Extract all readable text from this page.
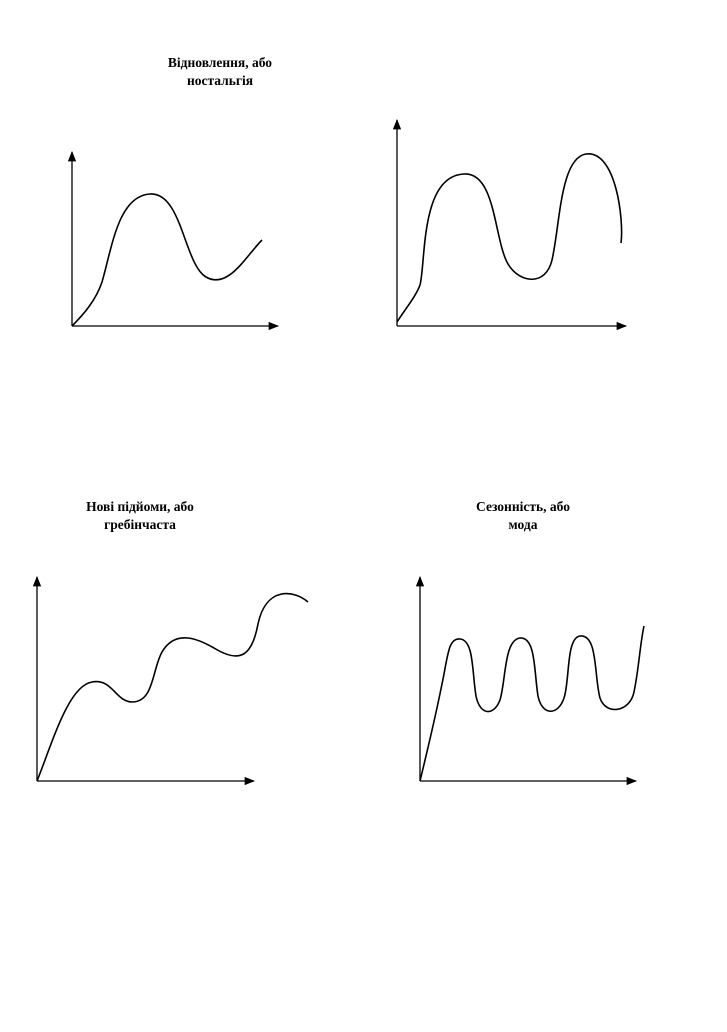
Відновлення, або
ностальгія
Нові підйоми, або
гребінчаста
Сезонність, або
мода
